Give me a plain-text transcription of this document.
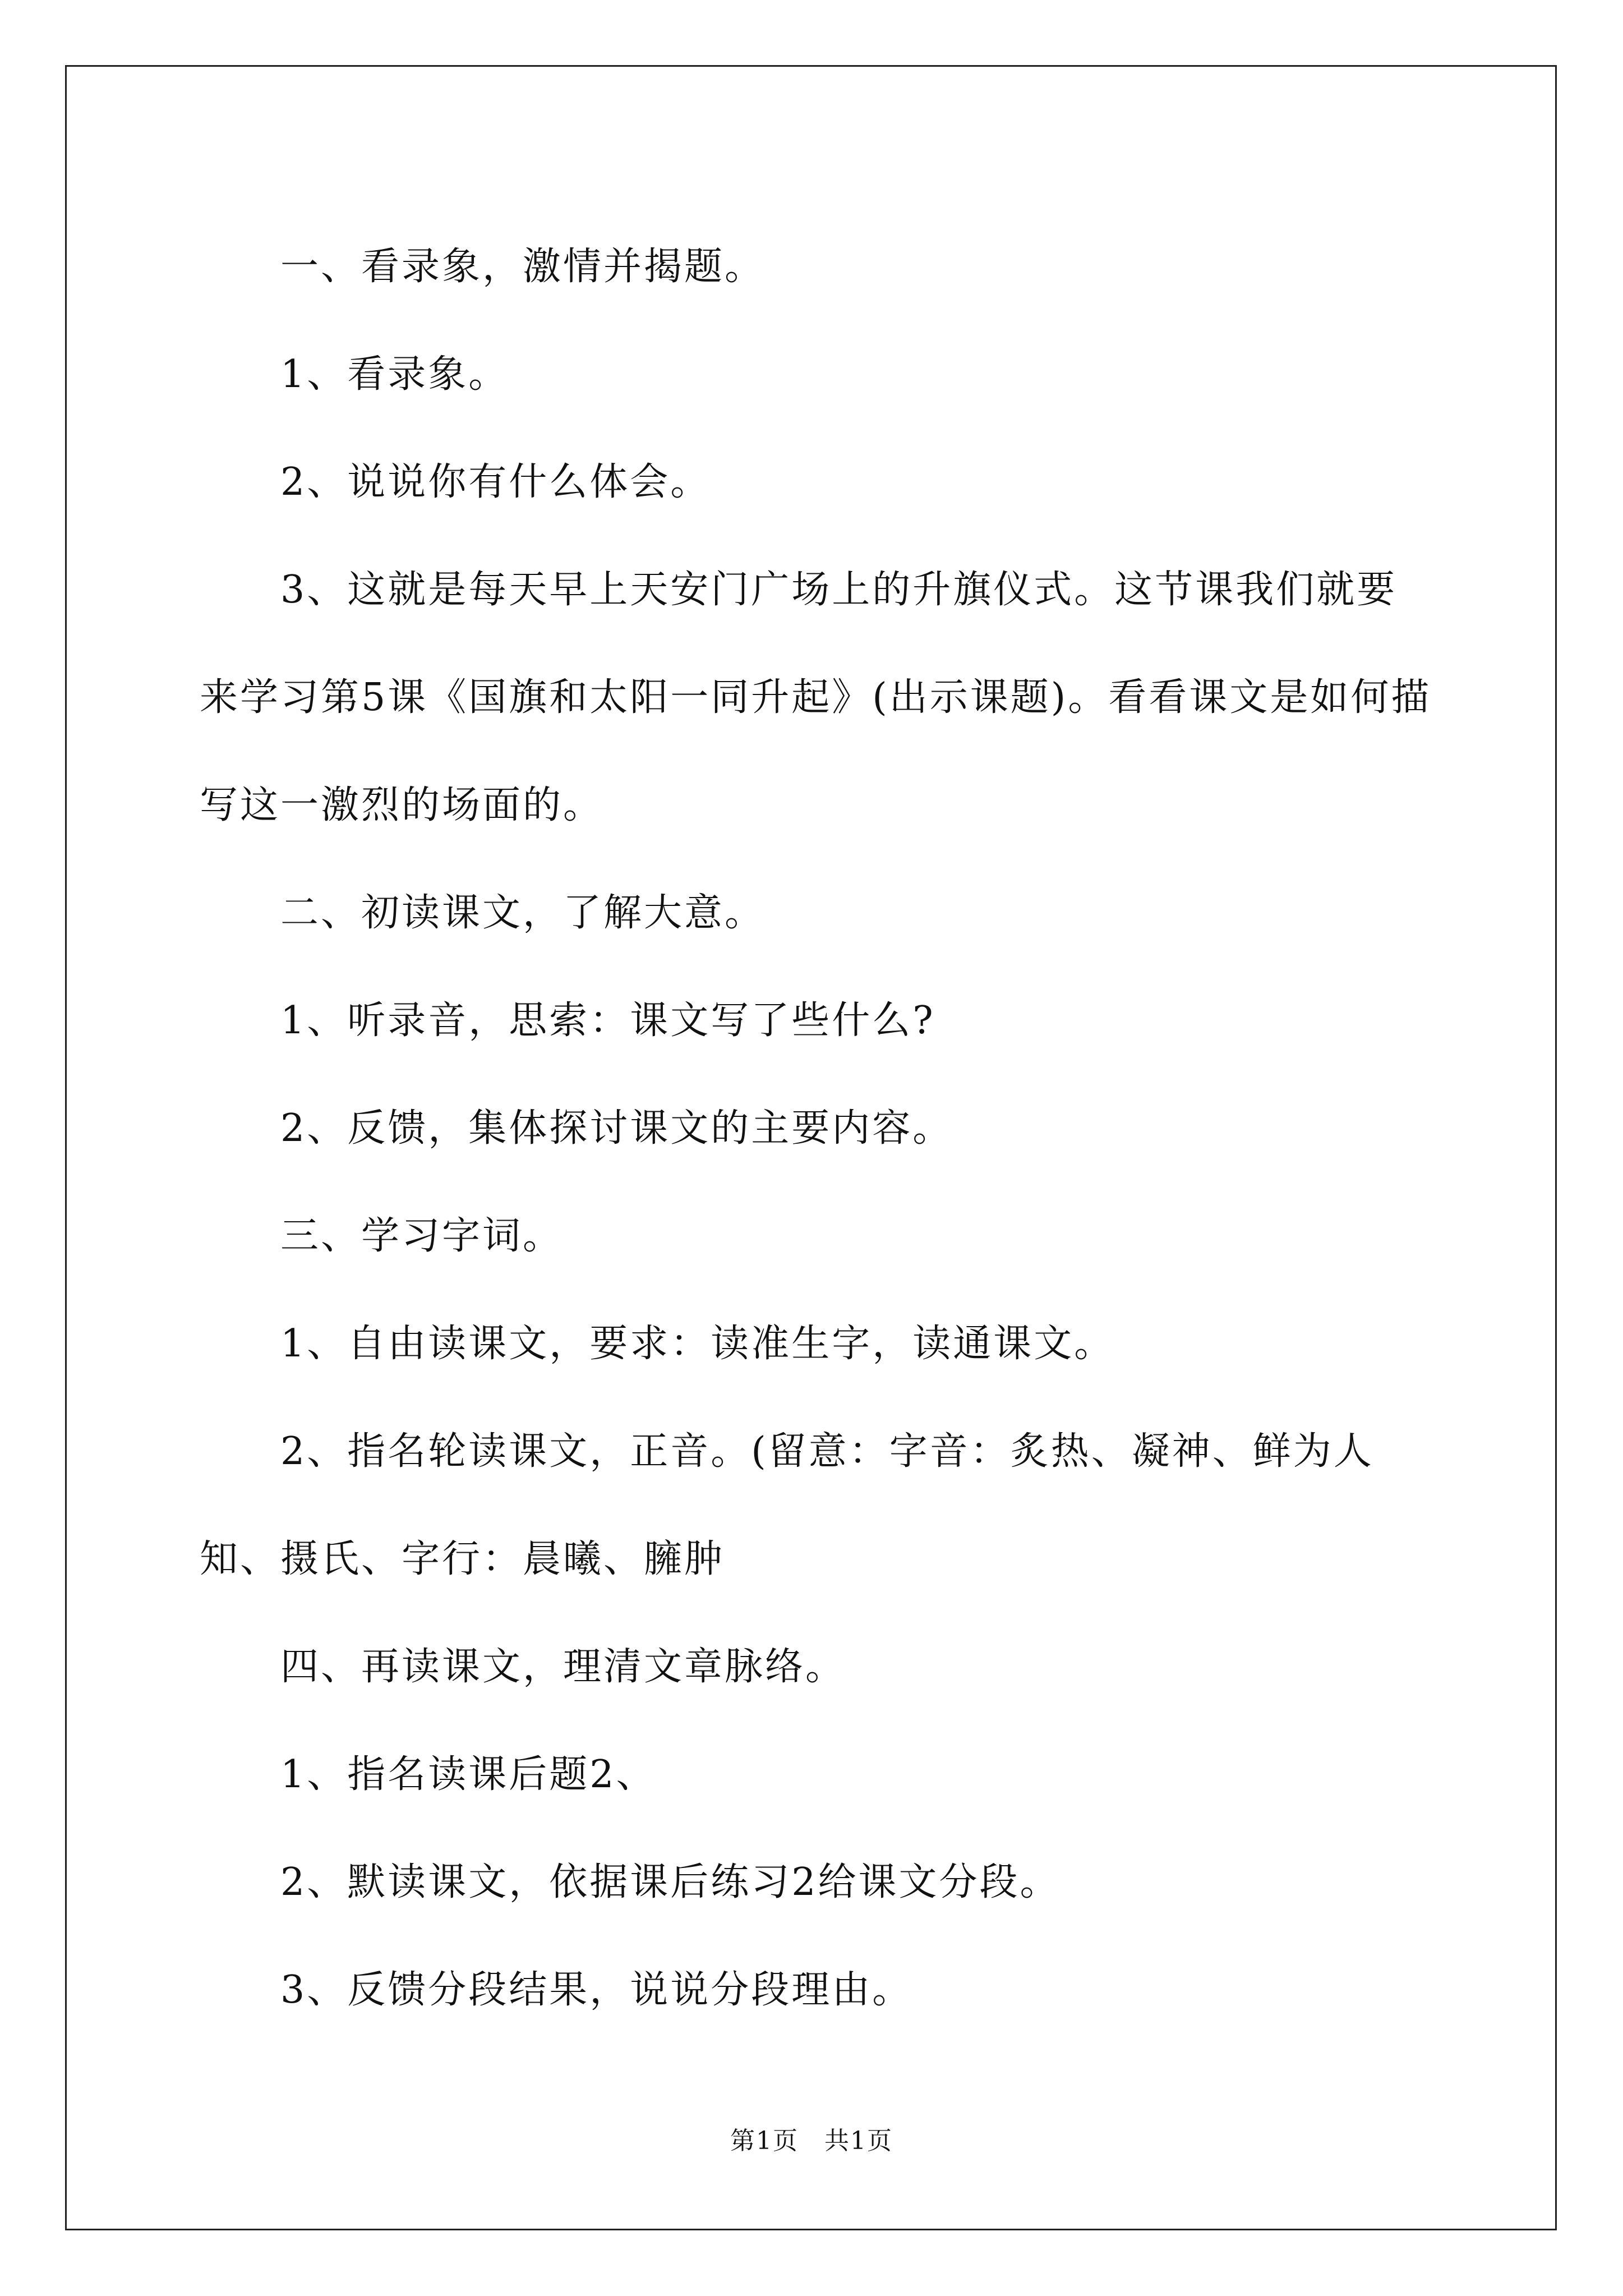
一、看录象，激情并揭题。

1、看录象。

2、说说你有什么体会。

3、这就是每天早上天安门广场上的升旗仪式。这节课我们就要来学习第5课《国旗和太阳一同升起》(出示课题)。看看课文是如何描写这一激烈的场面的。

二、初读课文，了解大意。

1、听录音，思索：课文写了些什么?

2、反馈，集体探讨课文的主要内容。

三、学习字词。

1、自由读课文，要求：读准生字，读通课文。

2、指名轮读课文，正音。(留意：字音：炙热、凝神、鲜为人知、摄氏、字行：晨曦、臃肿

四、再读课文，理清文章脉络。

1、指名读课后题2、

2、默读课文，依据课后练习2给课文分段。

3、反馈分段结果，说说分段理由。

第1页　共1页
